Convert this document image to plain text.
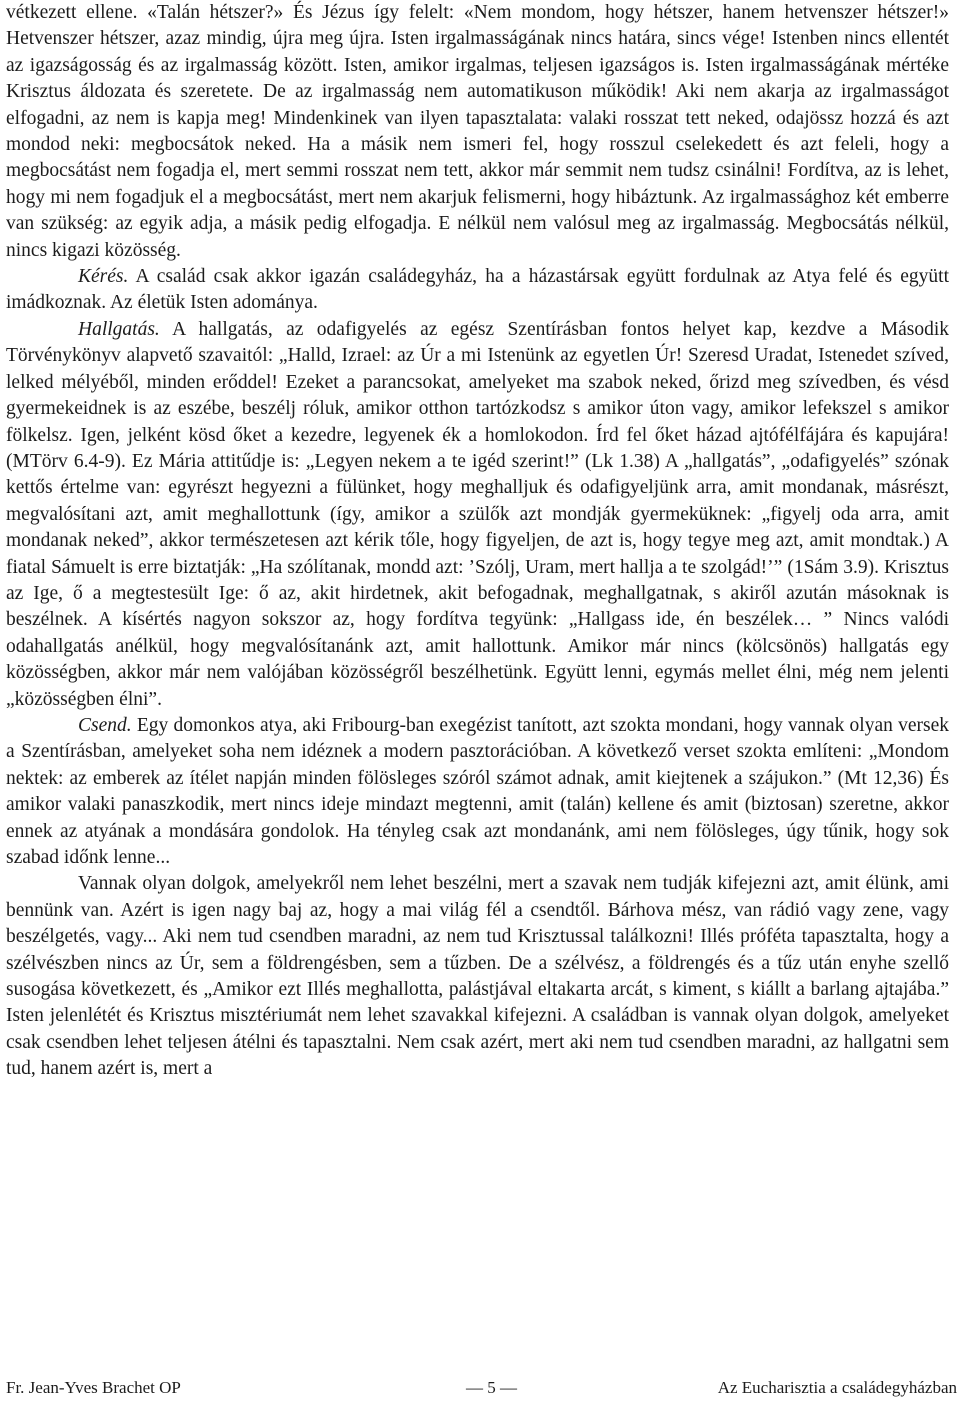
vétkezett ellene. «Talán hétszer?» És Jézus így felelt: «Nem mondom, hogy hétszer, hanem hetvenszer hétszer!» Hetvenszer hétszer, azaz mindig, újra meg újra. Isten irgalmasságának nincs határa, sincs vége! Istenben nincs ellentét az igazságosság és az irgalmasság között. Isten, amikor irgalmas, teljesen igazságos is. Isten irgalmasságának mértéke Krisztus áldozata és szeretete. De az irgalmasság nem automatikuson működik! Aki nem akarja az irgalmasságot elfogadni, az nem is kapja meg! Mindenkinek van ilyen tapasztalata: valaki rosszat tett neked, odajössz hozzá és azt mondod neki: megbocsátok neked. Ha a másik nem ismeri fel, hogy rosszul cselekedett és azt feleli, hogy a megbocsátást nem fogadja el, mert semmi rosszat nem tett, akkor már semmit nem tudsz csinálni! Fordítva, az is lehet, hogy mi nem fogadjuk el a megbocsátást, mert nem akarjuk felismerni, hogy hibáztunk. Az irgalmassághoz két emberre van szükség: az egyik adja, a másik pedig elfogadja. E nélkül nem valósul meg az irgalmasság. Megbocsátás nélkül, nincs kigazi közösség.

Kérés. A család csak akkor igazán családegyház, ha a házastársak együtt fordulnak az Atya felé és együtt imádkoznak. Az életük Isten adománya.

Hallgatás. A hallgatás, az odafigyelés az egész Szentírásban fontos helyet kap, kezdve a Második Törvénykönyv alapvető szavaitól: „Halld, Izrael: az Úr a mi Istenünk az egyetlen Úr! Szeresd Uradat, Istenedet szíved, lelked mélyéből, minden erőddel! Ezeket a parancsokat, amelyeket ma szabok neked, őrizd meg szívedben, és vésd gyermekeidnek is az eszébe, beszélj róluk, amikor otthon tartózkodsz s amikor úton vagy, amikor lefekszel s amikor fölkelsz. Igen, jelként kösd őket a kezedre, legyenek ék a homlokodon. Írd fel őket házad ajtófélfájára és kapujára! (MTörv 6.4-9). Ez Mária attitűdje is: „Legyen nekem a te igéd szerint!” (Lk 1.38) A „hallgatás”, „odafigyelés” szónak kettős értelme van: egyrészt hegyezni a fülünket, hogy meghalljuk és odafigyeljünk arra, amit mondanak, másrészt, megvalósítani azt, amit meghallottunk (így, amikor a szülők azt mondják gyermeküknek: „figyelj oda arra, amit mondanak neked”, akkor természetesen azt kérik tőle, hogy figyeljen, de azt is, hogy tegye meg azt, amit mondtak.) A fiatal Sámuelt is erre biztatják: „Ha szólítanak, mondd azt: ’Szólj, Uram, mert hallja a te szolgád!’” (1Sám 3.9). Krisztus az Ige, ő a megtestesült Ige: ő az, akit hirdetnek, akit befogadnak, meghallgatnak, s akiről azután másoknak is beszélnek. A kísértés nagyon sokszor az, hogy fordítva tegyünk: „Hallgass ide, én beszélek… ” Nincs valódi odahallgatás anélkül, hogy megvalósítanánk azt, amit hallottunk. Amikor már nincs (kölcsönös) hallgatás egy közösségben, akkor már nem valójában közösségről beszélhetünk. Együtt lenni, egymás mellet élni, még nem jelenti „közösségben élni”.

Csend. Egy domonkos atya, aki Fribourg-ban exegézist tanított, azt szokta mondani, hogy vannak olyan versek a Szentírásban, amelyeket soha nem idéznek a modern pasztorációban. A következő verset szokta említeni: „Mondom nektek: az emberek az ítélet napján minden fölösleges szóról számot adnak, amit kiejtenek a szájukon.” (Mt 12,36) És amikor valaki panaszkodik, mert nincs ideje mindazt megtenni, amit (talán) kellene és amit (biztosan) szeretne, akkor ennek az atyának a mondására gondolok. Ha tényleg csak azt mondanánk, ami nem fölösleges, úgy tűnik, hogy sok szabad időnk lenne...

Vannak olyan dolgok, amelyekről nem lehet beszélni, mert a szavak nem tudják kifejezni azt, amit élünk, ami bennünk van. Azért is igen nagy baj az, hogy a mai világ fél a csendtől. Bárhova mész, van rádió vagy zene, vagy beszélgetés, vagy... Aki nem tud csendben maradni, az nem tud Krisztussal találkozni! Illés próféta tapasztalta, hogy a szélvészben nincs az Úr, sem a földrengésben, sem a tűzben. De a szélvész, a földrengés és a tűz után enyhe szellő susogása következett, és „Amikor ezt Illés meghallotta, palástjával eltakarta arcát, s kiment, s kiállt a barlang ajtajába.” Isten jelenlétét és Krisztus misztériumát nem lehet szavakkal kifejezni. A családban is vannak olyan dolgok, amelyeket csak csendben lehet teljesen átélni és tapasztalni. Nem csak azért, mert aki nem tud csendben maradni, az hallgatni sem tud, hanem azért is, mert a

Fr. Jean-Yves Brachet OP	— 5 —	Az Eucharisztia a családegyházban
